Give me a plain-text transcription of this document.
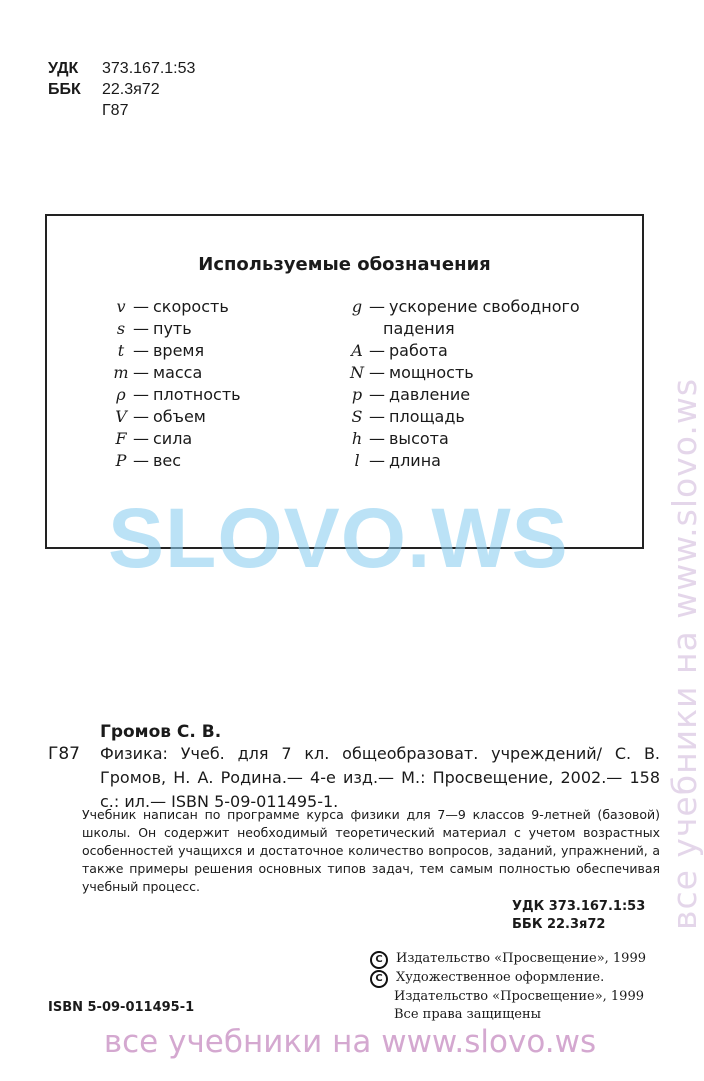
УДК	373.167.1:53
ББК	22.3я72
Г87
Используемые обозначения
v — скорость
s — путь
t — время
m — масса
ρ — плотность
V — объем
F — сила
P — вес
g — ускорение свободного
падения
A — работа
N — мощность
p — давление
S — площадь
h — высота
l — длина
SLOVO.WS	все учебники на www.slovo.ws
Громов С. В.
Г87 Физика: Учеб. для 7 кл. общеобразоват. учреждений/ С. В. Громов, Н. А. Родина.— 4-е изд.— М.: Просвещение, 2002.— 158 с.: ил.— ISBN 5-09-011495-1.
Учебник написан по программе курса физики для 7—9 классов 9-летней (базовой) школы. Он содержит необходимый теоретический материал с учетом возрастных особенностей учащихся и достаточное количество вопросов, заданий, упражнений, а также примеры решения основных типов задач, тем самым полностью обеспечивая учебный процесс.
УДК 373.167.1:53
ББК 22.3я72
С	Издательство «Просвещение», 1999
С	Художественное оформление.
Издательство «Просвещение», 1999
Все права защищены
ISBN 5-09-011495-1
все учебники на www.slovo.ws
